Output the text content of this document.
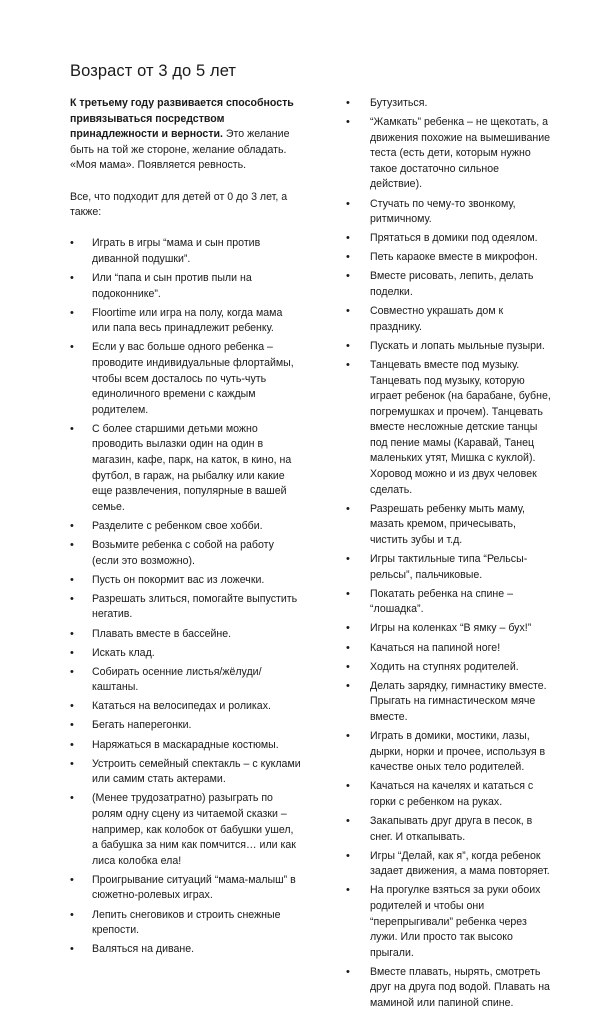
Возраст от 3 до 5 лет

К третьему году развивается способность привязываться посредством принадлежности и верности. Это желание быть на той же стороне, желание обладать. «Моя мама». Появляется ревность.

Все, что подходит для детей от 0 до 3 лет, а также:

• Играть в игры “мама и сын против диванной подушки”.
• Или “папа и сын против пыли на подоконнике”.
• Floortime или игра на полу, когда мама или папа весь принадлежит ребенку.
• Если у вас больше одного ребенка – проводите индивидуальные флортаймы, чтобы всем досталось по чуть-чуть единоличного времени с каждым родителем.
• С более старшими детьми можно проводить вылазки один на один в магазин, кафе, парк, на каток, в кино, на футбол, в гараж, на рыбалку или какие еще развлечения, популярные в вашей семье.
• Разделите с ребенком свое хобби.
• Возьмите ребенка с собой на работу (если это возможно).
• Пусть он покормит вас из ложечки.
• Разрешать злиться, помогайте выпустить негатив.
• Плавать вместе в бассейне.
• Искать клад.
• Собирать осенние листья/жёлуди/каштаны.
• Кататься на велосипедах и роликах.
• Бегать наперегонки.
• Наряжаться в маскарадные костюмы.
• Устроить семейный спектакль – с куклами или самим стать актерами.
• (Менее трудозатратно) разыграть по ролям одну сцену из читаемой сказки – например, как колобок от бабушки ушел, а бабушка за ним как помчится… или как лиса колобка ела!
• Проигрывание ситуаций “мама-малыш” в сюжетно-ролевых играх.
• Лепить снеговиков и строить снежные крепости.
• Валяться на диване.
• Бутузиться.
• “Жамкать” ребенка – не щекотать, а движения похожие на вымешивание теста (есть дети, которым нужно такое достаточно сильное действие).
• Стучать по чему-то звонкому, ритмичному.
• Прятаться в домики под одеялом.
• Петь караоке вместе в микрофон.
• Вместе рисовать, лепить, делать поделки.
• Совместно украшать дом к празднику.
• Пускать и лопать мыльные пузыри.
• Танцевать вместе под музыку. Танцевать под музыку, которую играет ребенок (на барабане, бубне, погремушках и прочем). Танцевать вместе несложные детские танцы под пение мамы (Каравай, Танец маленьких утят, Мишка с куклой). Хоровод можно и из двух человек сделать.
• Разрешать ребенку мыть маму, мазать кремом, причесывать, чистить зубы и т.д.
• Игры тактильные типа “Рельсы-рельсы”, пальчиковые.
• Покатать ребенка на спине – “лошадка”.
• Игры на коленках “В ямку – бух!”
• Качаться на папиной ноге!
• Ходить на ступнях родителей.
• Делать зарядку, гимнастику вместе. Прыгать на гимнастическом мяче вместе.
• Играть в домики, мостики, лазы, дырки, норки и прочее, используя в качестве оных тело родителей.
• Качаться на качелях и кататься с горки с ребенком на руках.
• Закапывать друг друга в песок, в снег. И откапывать.
• Игры “Делай, как я”, когда ребенок задает движения, а мама повторяет.
• На прогулке взяться за руки обоих родителей и чтобы они “перепрыгивали” ребенка через лужи. Или просто так высоко прыгали.
• Вместе плавать, нырять, смотреть друг на друга под водой. Плавать на маминой или папиной спине.
